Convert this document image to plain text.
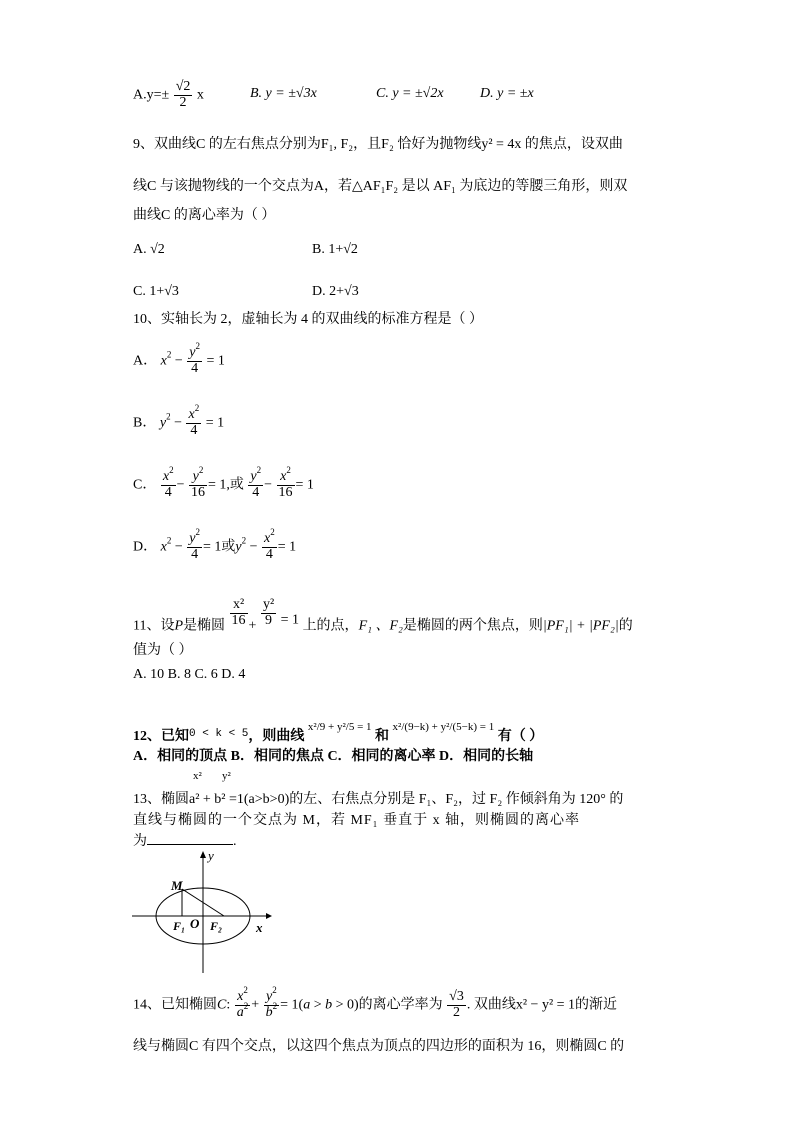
$A.y=\pm \frac{√2}{2}$ x	B. y = ±√3x	C. y = ±√2x	D. y = ±x
9、双曲线C 的左右焦点分别为F₁, F₂，且F₂ 恰好为抛物线y² = 4x 的焦点，设双曲
线C 与该抛物线的一个交点为A，若△AF₁F₂ 是以 AF₁ 为底边的等腰三角形，则双
曲线C 的离心率为（ ）
A. √2	B. 1+√2
C. 1+√3	D. 2+√3
10、实轴长为 2，虚轴长为 4 的双曲线的标准方程是（ ）
A． $x^2 - \frac{y^2}{4} = 1$
B． $y^2 - \frac{x^2}{4} = 1$
C． $\frac{x^2}{4} - \frac{y^2}{16} = 1$,或 $\frac{y^2}{4} - \frac{x^2}{16} = 1$
D． $x^2 - \frac{y^2}{4} = 1$或$y^2 - \frac{x^2}{4} = 1$
11、设P是椭圆 $\frac{\text{x²}}{16} + \frac{\text{y²}}{9} = 1$ 上的点，F₁ 、F₂是椭圆的两个焦点，则|PF₁| + |PF₂|的
值为（ ）
A. 10 B. 8 C. 6 D. 4
12、已知$^{0 < k < 5}$，则曲线 $^{x^2/9 + y^2/5 = 1}$ 和 $^{x^2/(9-k) + y^2/(5-k) = 1}$ 有（ ）
A．相同的顶点 B．相同的焦点 C．相同的离心率 D．相同的长轴
x² y²
13、椭圆a² + b² =1(a>b>0)的左、右焦点分别是 F₁、F₂，过 F₂ 作倾斜角为 120° 的
直线与椭圆的一个交点为 M，若 MF₁ 垂直于 x 轴，则椭圆的离心率
为	.
y
x
M
O
F₁ F₂
14、已知椭圆C: $\frac{x^2}{a^2} + \frac{y^2}{b^2} = 1(a > b > 0)$的离心学率为 $\frac{√3}{2}$ . 双曲线x² − y² = 1的渐近
线与椭圆C 有四个交点，以这四个焦点为顶点的四边形的面积为 16，则椭圆C 的
